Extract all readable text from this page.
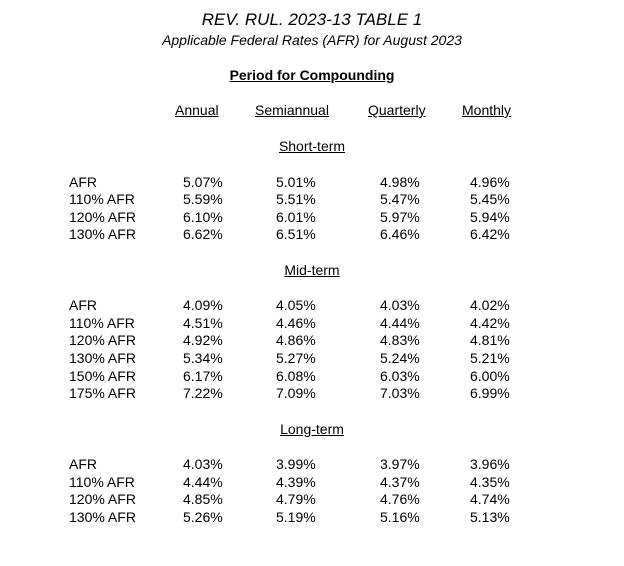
REV. RUL. 2023-13 TABLE 1
Applicable Federal Rates (AFR) for August 2023
Period for Compounding
Annual	Semiannual	Quarterly	Monthly
Short-term
AFR	5.07%	5.01%	4.98%	4.96%
110% AFR	5.59%	5.51%	5.47%	5.45%
120% AFR	6.10%	6.01%	5.97%	5.94%
130% AFR	6.62%	6.51%	6.46%	6.42%
Mid-term
AFR	4.09%	4.05%	4.03%	4.02%
110% AFR	4.51%	4.46%	4.44%	4.42%
120% AFR	4.92%	4.86%	4.83%	4.81%
130% AFR	5.34%	5.27%	5.24%	5.21%
150% AFR	6.17%	6.08%	6.03%	6.00%
175% AFR	7.22%	7.09%	7.03%	6.99%
Long-term
AFR	4.03%	3.99%	3.97%	3.96%
110% AFR	4.44%	4.39%	4.37%	4.35%
120% AFR	4.85%	4.79%	4.76%	4.74%
130% AFR	5.26%	5.19%	5.16%	5.13%
